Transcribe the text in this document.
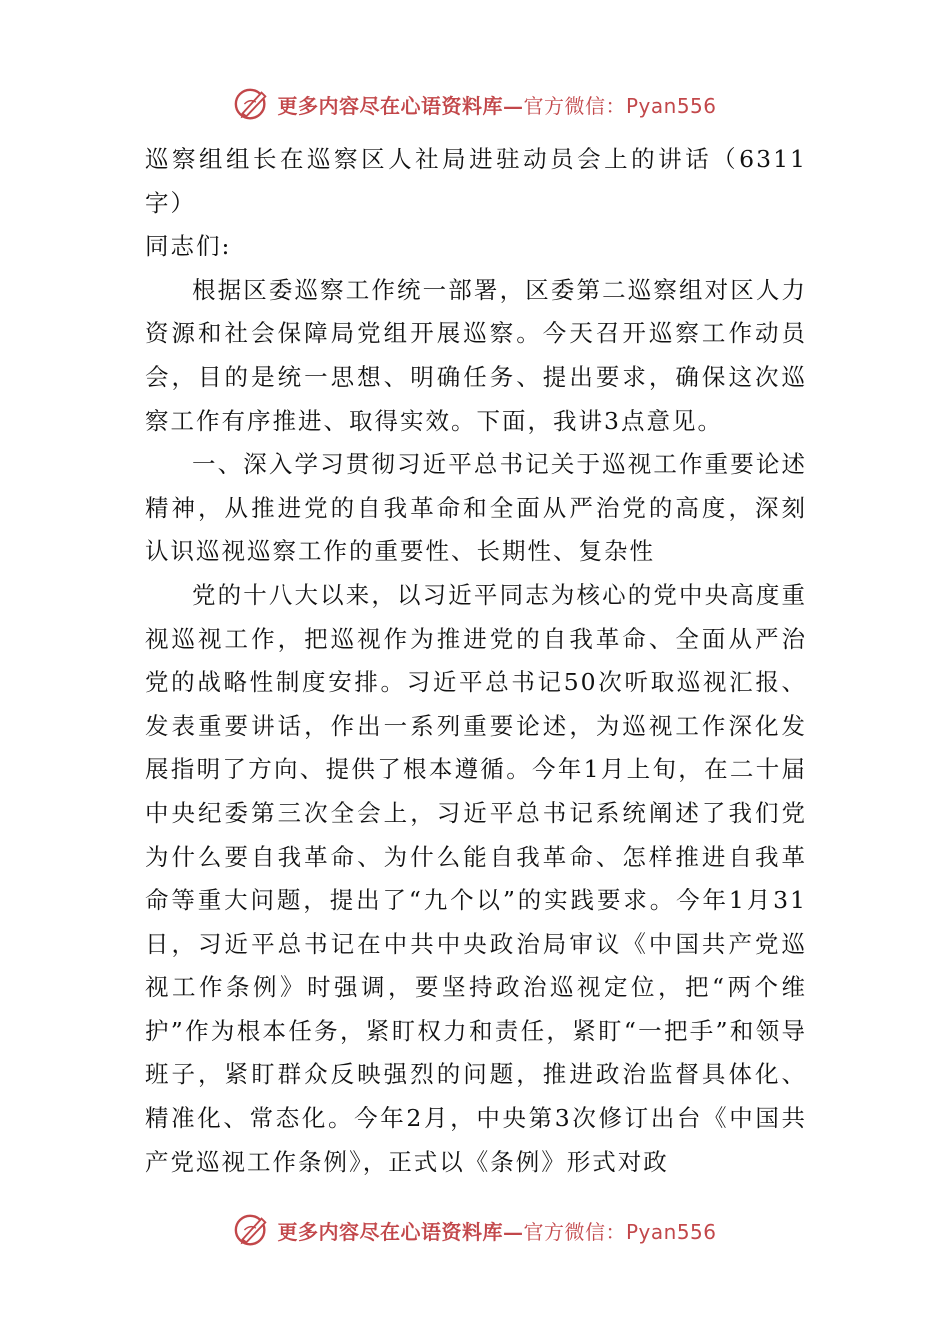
更多内容尽在心语资料库—官方微信：Pyan556

巡察组组长在巡察区人社局进驻动员会上的讲话（6311字）

同志们:

根据区委巡察工作统一部署，区委第二巡察组对区人力资源和社会保障局党组开展巡察。今天召开巡察工作动员会，目的是统一思想、明确任务、提出要求，确保这次巡察工作有序推进、取得实效。下面，我讲3点意见。

一、深入学习贯彻习近平总书记关于巡视工作重要论述精神，从推进党的自我革命和全面从严治党的高度，深刻认识巡视巡察工作的重要性、长期性、复杂性

党的十八大以来，以习近平同志为核心的党中央高度重视巡视工作，把巡视作为推进党的自我革命、全面从严治党的战略性制度安排。习近平总书记50次听取巡视汇报、发表重要讲话，作出一系列重要论述，为巡视工作深化发展指明了方向、提供了根本遵循。今年1月上旬，在二十届中央纪委第三次全会上，习近平总书记系统阐述了我们党为什么要自我革命、为什么能自我革命、怎样推进自我革命等重大问题，提出了“九个以”的实践要求。今年1月31日，习近平总书记在中共中央政治局审议《中国共产党巡视工作条例》时强调，要坚持政治巡视定位，把“两个维护”作为根本任务，紧盯权力和责任，紧盯“一把手”和领导班子，紧盯群众反映强烈的问题，推进政治监督具体化、精准化、常态化。今年2月，中央第3次修订出台《中国共产党巡视工作条例》，正式以《条例》形式对政

更多内容尽在心语资料库—官方微信：Pyan556
